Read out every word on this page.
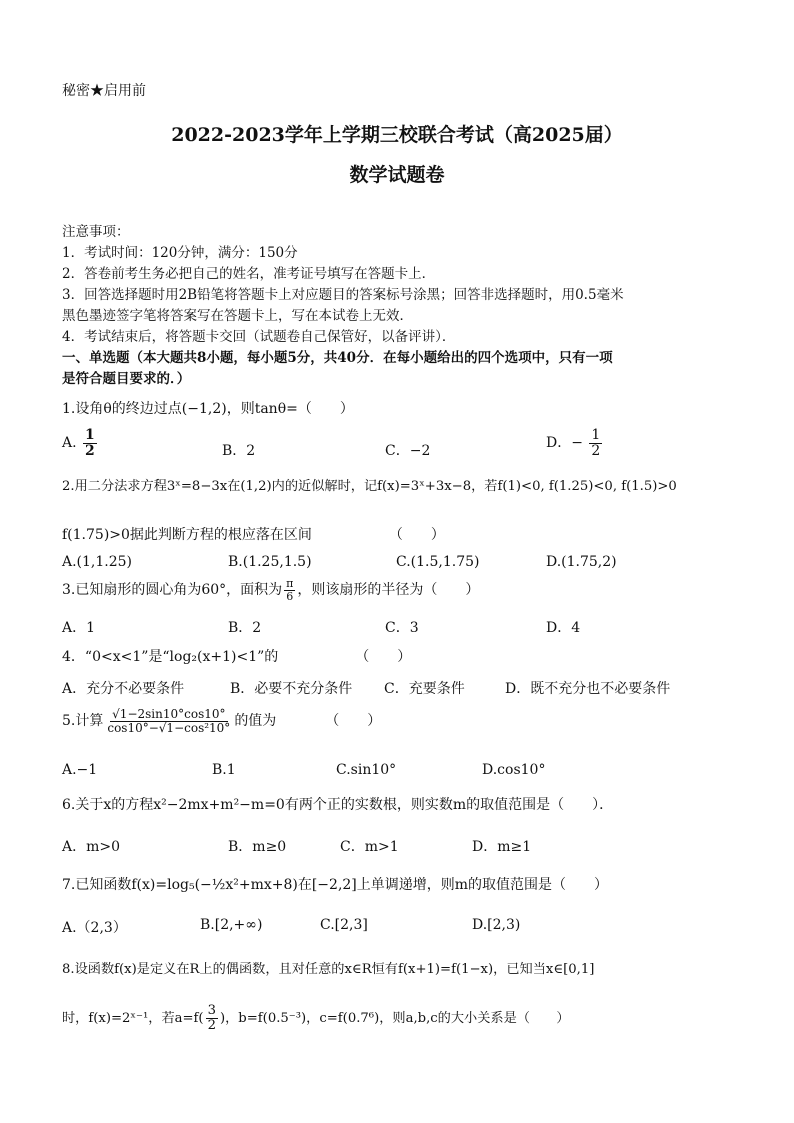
秘密★启用前
2022-2023学年上学期三校联合考试（高2025届）
数学试题卷
注意事项：
1．考试时间：120分钟，满分：150分
2．答卷前考生务必把自己的姓名，准考证号填写在答题卡上．
3．回答选择题时用2B铅笔将答题卡上对应题目的答案标号涂黑；回答非选择题时，用0.5毫米
黑色墨迹签字笔将答案写在答题卡上，写在本试卷上无效．
4．考试结束后，将答题卡交回（试题卷自己保管好，以备评讲）．
一、单选题（本大题共8小题，每小题5分，共40分．在每小题给出的四个选项中，只有一项
是符合题目要求的．）
1.设角θ的终边过点(−1,2)，则tanθ=（　　）
A. $\frac{1}{2}$	B．2	C．−2	D．− $\frac{1}{2}$
2.用二分法求方程3ˣ=8−3x在(1,2)内的近似解时，记f(x)=3ˣ+3x−8，若f(1)<0, f(1.25)<0, f(1.5)>0
f(1.75)>0据此判断方程的根应落在区间　　　　　　（　　）
A.(1,1.25)	B.(1.25,1.5)	C.(1.5,1.75)	D.(1.75,2)
3.已知扇形的圆心角为60°，面积为 $\frac{\pi}{6}$ ，则该扇形的半径为（　　）
A．1	B．2	C．3	D．4
4．“0<x<1”是“log₂(x+1)<1”的　　　　　　（　　）
A．充分不必要条件	B．必要不充分条件 C．充要条件	D．既不充分也不必要条件
5.计算 $\frac{√1-2\sin 10^\circ\cos 10^\circ}{\text{cos10°−√1−cos²10°}}$ 的值为　　　　（　　）
A.−1	B.1	C.sin10°	D.cos10°
6.关于x的方程x²−2mx+m²−m=0有两个正的实数根，则实数m的取值范围是（　　）．
A．m>0	B．m≥0	C．m>1	D．m≥1
7.已知函数f(x)=log₅(−½x²+mx+8)在[−2,2]上单调递增，则m的取值范围是（　　）
A.（2,3）	B.[2,+∞)	C.[2,3]	D.[2,3)
8.设函数f(x)是定义在R上的偶函数，且对任意的x∈R恒有f(x+1)=f(1−x)，已知当x∈[0,1]
时，f(x)=2ˣ⁻¹，若$a=f( \frac{3}{2}$ )，b=f(0.5⁻³)，c=f(0.7⁶)，则a,b,c的大小关系是（　　）
